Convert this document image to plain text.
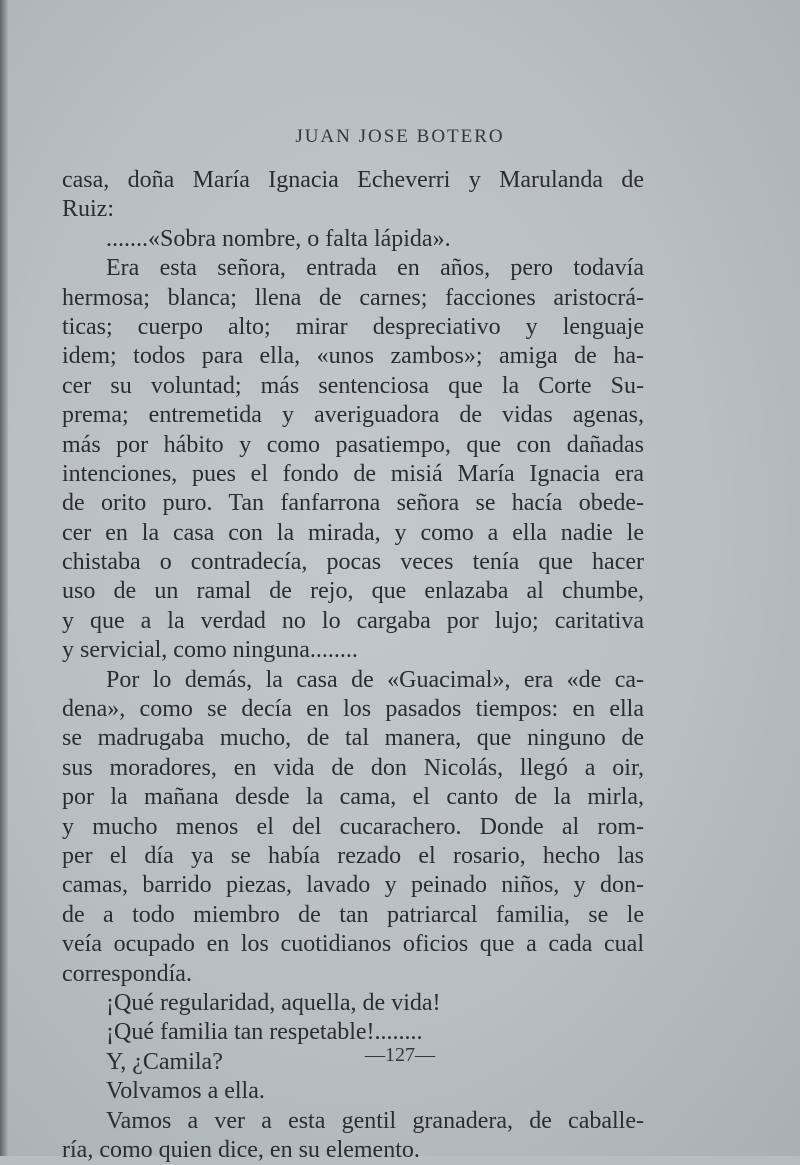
JUAN JOSE BOTERO
casa, doña María Ignacia Echeverri y Marulanda de
Ruiz:
.......«Sobra nombre, o falta lápida».
Era esta señora, entrada en años, pero todavía
hermosa; blanca; llena de carnes; facciones aristocrá-
ticas; cuerpo alto; mirar despreciativo y lenguaje
idem; todos para ella, «unos zambos»; amiga de ha-
cer su voluntad; más sentenciosa que la Corte Su-
prema; entremetida y averiguadora de vidas agenas,
más por hábito y como pasatiempo, que con dañadas
intenciones, pues el fondo de misiá María Ignacia era
de orito puro. Tan fanfarrona señora se hacía obede-
cer en la casa con la mirada, y como a ella nadie le
chistaba o contradecía, pocas veces tenía que hacer
uso de un ramal de rejo, que enlazaba al chumbe,
y que a la verdad no lo cargaba por lujo; caritativa
y servicial, como ninguna........
Por lo demás, la casa de «Guacimal», era «de ca-
dena», como se decía en los pasados tiempos: en ella
se madrugaba mucho, de tal manera, que ninguno de
sus moradores, en vida de don Nicolás, llegó a oir,
por la mañana desde la cama, el canto de la mirla,
y mucho menos el del cucarachero. Donde al rom-
per el día ya se había rezado el rosario, hecho las
camas, barrido piezas, lavado y peinado niños, y don-
de a todo miembro de tan patriarcal familia, se le
veía ocupado en los cuotidianos oficios que a cada cual
correspondía.
¡Qué regularidad, aquella, de vida!
¡Qué familia tan respetable!........
Y, ¿Camila?
Volvamos a ella.
Vamos a ver a esta gentil granadera, de caballe-
ría, como quien dice, en su elemento.
—127—
